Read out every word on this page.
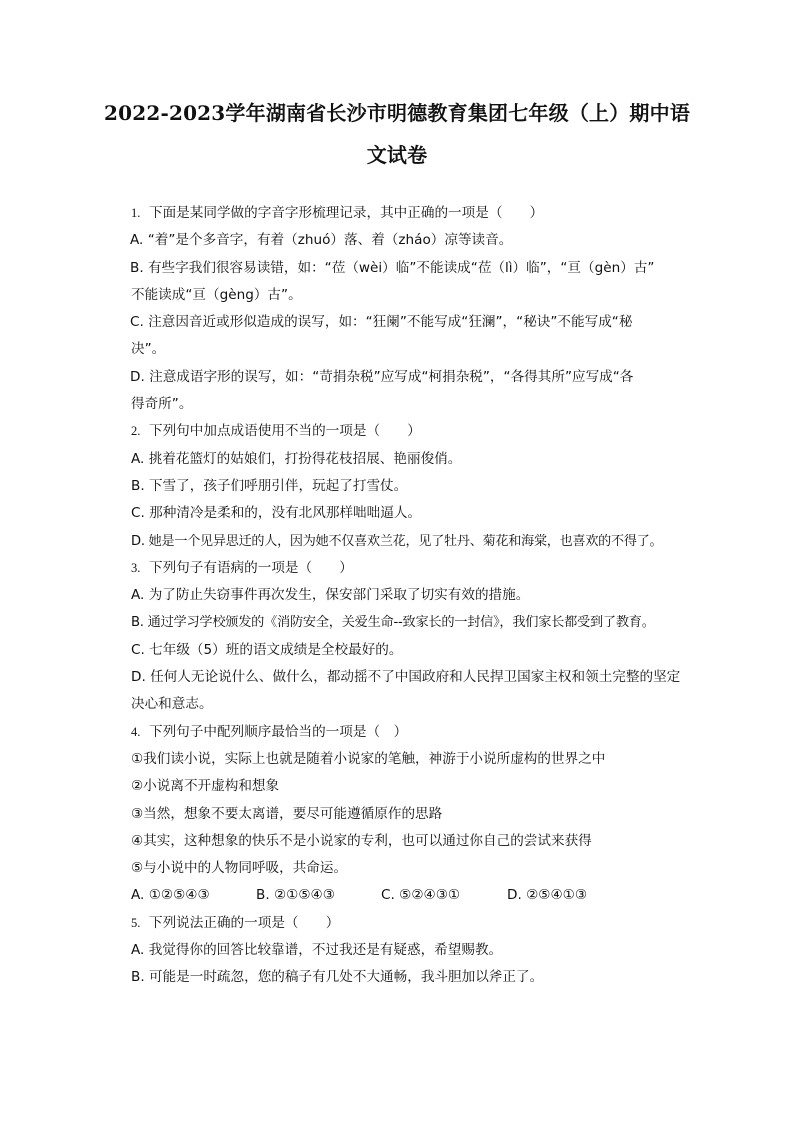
2022-2023学年湖南省长沙市明德教育集团七年级（上）期中语
文试卷
1. 下面是某同学做的字音字形梳理记录，其中正确的一项是（　　）
A. “着”是个多音字，有着（zhuó）落、着（zháo）凉等读音。
B. 有些字我们很容易读错，如：“莅（wèi）临”不能读成“莅（lì）临”，“亘（gèn）古”
不能读成“亘（gèng）古”。
C. 注意因音近或形似造成的误写，如：“狂阑”不能写成“狂澜”，“秘诀”不能写成“秘
决”。
D. 注意成语字形的误写，如：“苛捐杂税”应写成“柯捐杂税”，“各得其所”应写成“各
得奇所”。
2. 下列句中加点成语使用不当的一项是（　　）
A. 挑着花篮灯的姑娘们，打扮得花枝招展、艳丽俊俏。
B. 下雪了，孩子们呼朋引伴，玩起了打雪仗。
C. 那种清冷是柔和的，没有北风那样咄咄逼人。
D. 她是一个见异思迁的人，因为她不仅喜欢兰花，见了牡丹、菊花和海棠，也喜欢的不得了。
3. 下列句子有语病的一项是（　　）
A. 为了防止失窃事件再次发生，保安部门采取了切实有效的措施。
B. 通过学习学校颁发的《消防安全，关爱生命--致家长的一封信》，我们家长都受到了教育。
C. 七年级（5）班的语文成绩是全校最好的。
D. 任何人无论说什么、做什么，都动摇不了中国政府和人民捍卫国家主权和领土完整的坚定
决心和意志。
4. 下列句子中配列顺序最恰当的一项是（　）
①我们读小说，实际上也就是随着小说家的笔触，神游于小说所虚构的世界之中
②小说离不开虚构和想象
③当然，想象不要太离谱，要尽可能遵循原作的思路
④其实，这种想象的快乐不是小说家的专利，也可以通过你自己的尝试来获得
⑤与小说中的人物同呼吸，共命运。
A. ①②⑤④③	B. ②①⑤④③	C. ⑤②④③①	D. ②⑤④①③
5. 下列说法正确的一项是（　　）
A. 我觉得你的回答比较靠谱，不过我还是有疑惑，希望赐教。
B. 可能是一时疏忽，您的稿子有几处不大通畅，我斗胆加以斧正了。
